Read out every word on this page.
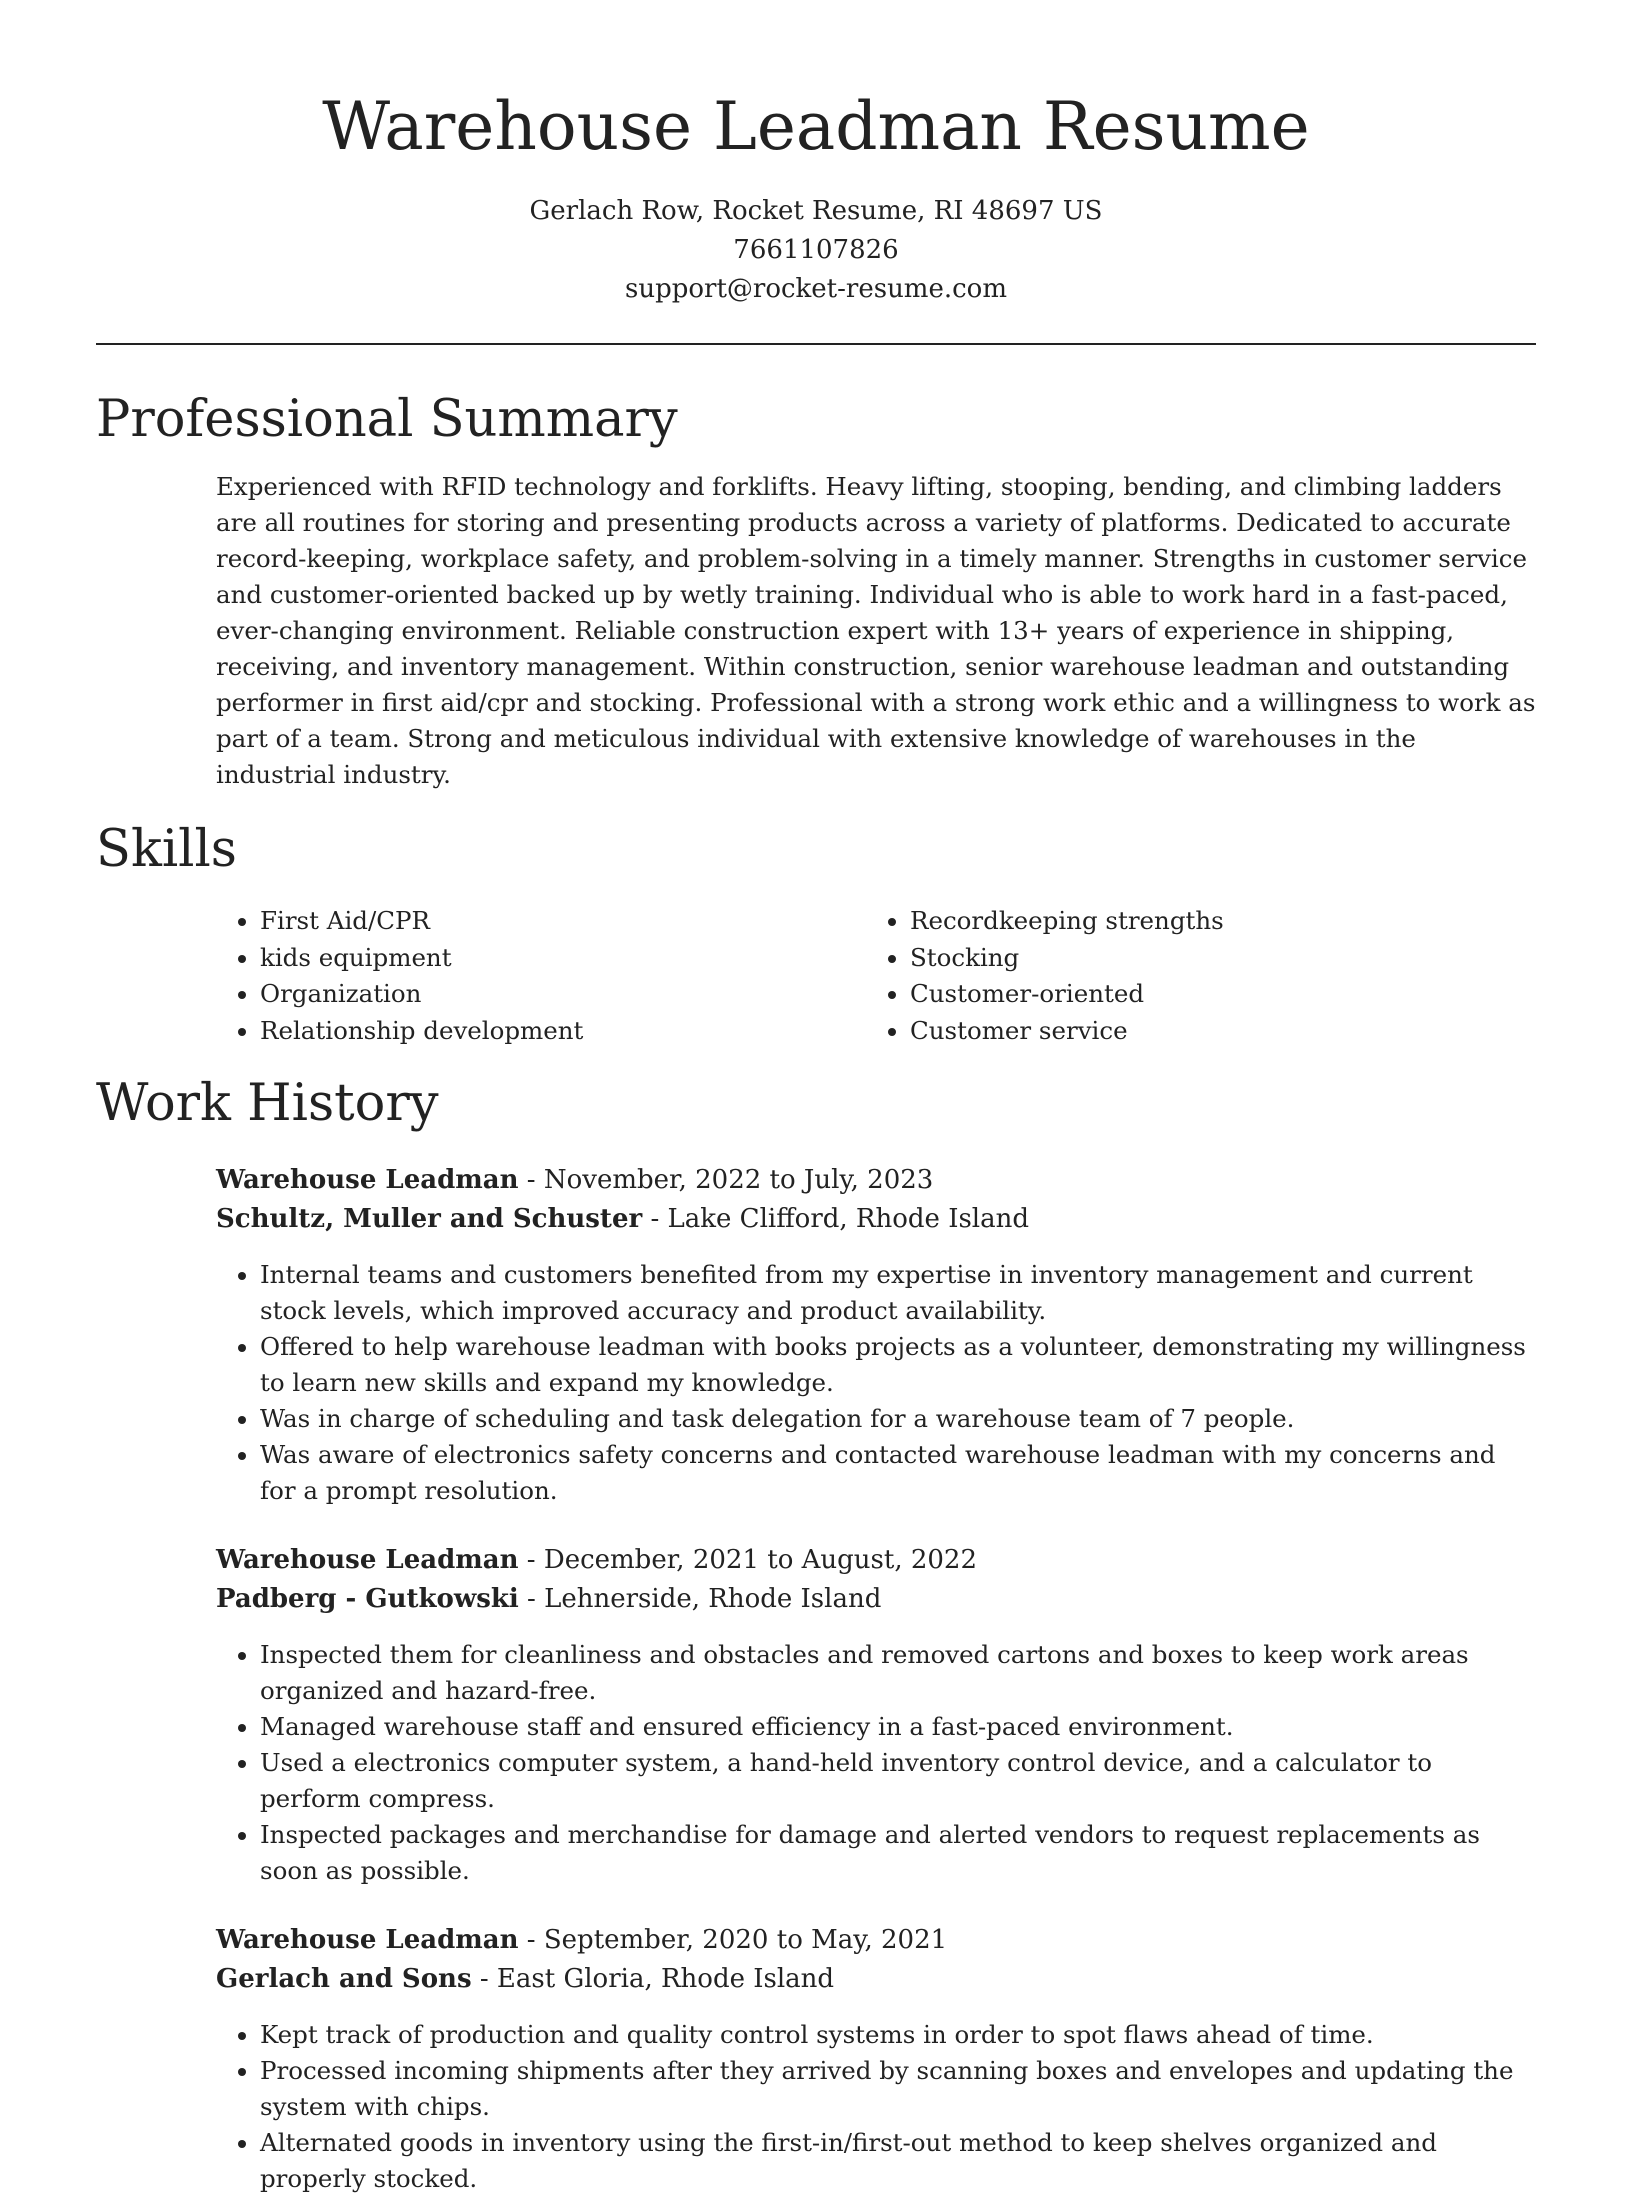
Warehouse Leadman Resume
Gerlach Row, Rocket Resume, RI 48697 US
7661107826
support@rocket-resume.com
Professional Summary

Experienced with RFID technology and forklifts. Heavy lifting, stooping, bending, and climbing ladders are all routines for storing and presenting products across a variety of platforms. Dedicated to accurate record-keeping, workplace safety, and problem-solving in a timely manner. Strengths in customer service and customer-oriented backed up by wetly training. Individual who is able to work hard in a fast-paced, ever-changing environment. Reliable construction expert with 13+ years of experience in shipping, receiving, and inventory management. Within construction, senior warehouse leadman and outstanding performer in first aid/cpr and stocking. Professional with a strong work ethic and a willingness to work as part of a team. Strong and meticulous individual with extensive knowledge of warehouses in the industrial industry.

Skills
• First Aid/CPR
• kids equipment
• Organization
• Relationship development
• Recordkeeping strengths
• Stocking
• Customer-oriented
• Customer service
Work History
Warehouse Leadman - November, 2022 to July, 2023
Schultz, Muller and Schuster - Lake Clifford, Rhode Island
• Internal teams and customers benefited from my expertise in inventory management and current stock levels, which improved accuracy and product availability.
• Offered to help warehouse leadman with books projects as a volunteer, demonstrating my willingness to learn new skills and expand my knowledge.
• Was in charge of scheduling and task delegation for a warehouse team of 7 people.
• Was aware of electronics safety concerns and contacted warehouse leadman with my concerns and for a prompt resolution.
Warehouse Leadman - December, 2021 to August, 2022
Padberg - Gutkowski - Lehnerside, Rhode Island
• Inspected them for cleanliness and obstacles and removed cartons and boxes to keep work areas organized and hazard-free.
• Managed warehouse staff and ensured efficiency in a fast-paced environment.
• Used a electronics computer system, a hand-held inventory control device, and a calculator to perform compress.
• Inspected packages and merchandise for damage and alerted vendors to request replacements as soon as possible.
Warehouse Leadman - September, 2020 to May, 2021
Gerlach and Sons - East Gloria, Rhode Island
• Kept track of production and quality control systems in order to spot flaws ahead of time.
• Processed incoming shipments after they arrived by scanning boxes and envelopes and updating the system with chips.
• Alternated goods in inventory using the first-in/first-out method to keep shelves organized and properly stocked.
